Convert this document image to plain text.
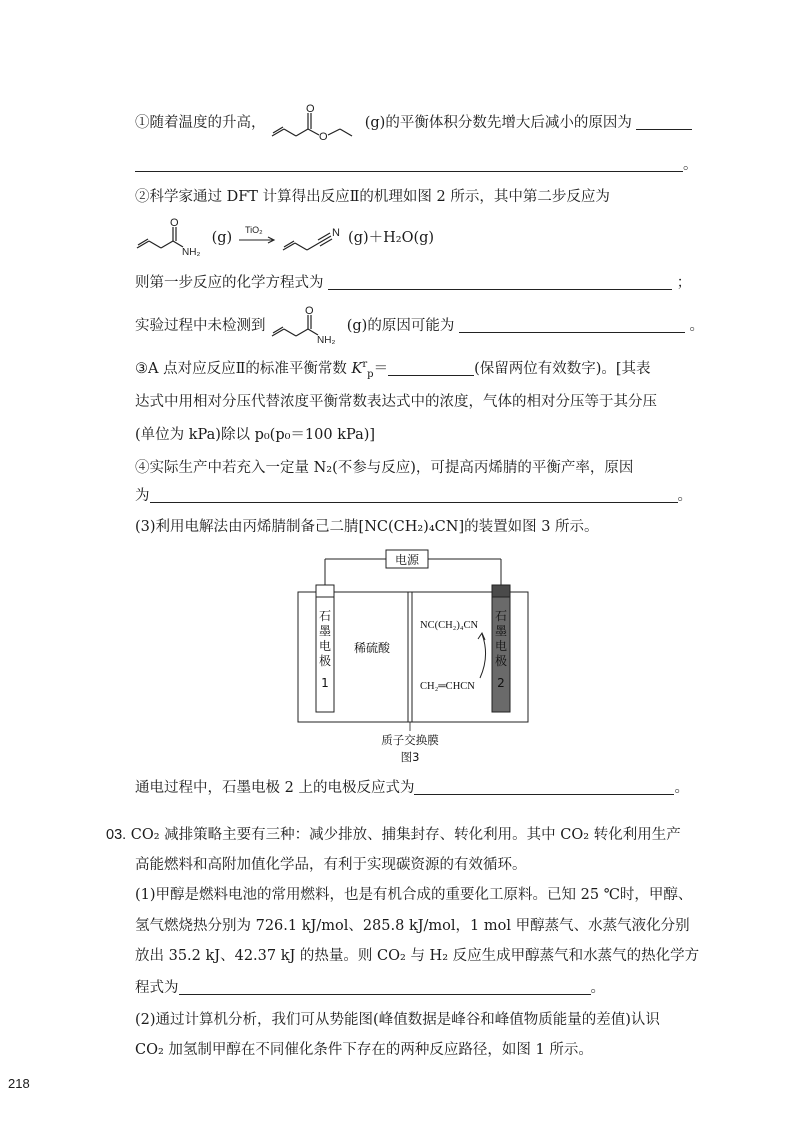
①随着温度的升高，
O
O
(g)的平衡体积分数先增大后减小的原因为
。
②科学家通过 DFT 计算得出反应Ⅱ的机理如图 2 所示，其中第二步反应为
O
NH₂
(g) TiO₂
	N (g)＋H₂O(g)
则第一步反应的化学方程式为	；
实验过程中未检测到
O
NH₂
(g)的原因可能为	。
③A 点对应反应Ⅱ的标准平衡常数 $K^r_p=$	(保留两位有效数字)。[其表
达式中用相对分压代替浓度平衡常数表达式中的浓度，气体的相对分压等于其分压
(单位为 kPa)除以 p₀(p₀＝100 kPa)]
④实际生产中若充入一定量 N₂(不参与反应)，可提高丙烯腈的平衡产率，原因
为	。
(3)利用电解法由丙烯腈制备己二腈[NC(CH₂)₄CN]的装置如图 3 所示。
电源
石
墨
电
极
1
石
墨
电
极
2
稀硫酸
NC(CH₂)₄CN
CH₂═CHCN
质子交换膜
图3
通电过程中，石墨电极 2 上的电极反应式为	。
03. CO₂ 减排策略主要有三种：减少排放、捕集封存、转化利用。其中 CO₂ 转化利用生产
高能燃料和高附加值化学品，有利于实现碳资源的有效循环。
(1)甲醇是燃料电池的常用燃料，也是有机合成的重要化工原料。已知 25 ℃时，甲醇、
氢气燃烧热分别为 726.1 kJ/mol、285.8 kJ/mol，1 mol 甲醇蒸气、水蒸气液化分别
放出 35.2 kJ、42.37 kJ 的热量。则 CO₂ 与 H₂ 反应生成甲醇蒸气和水蒸气的热化学方
程式为	。
(2)通过计算机分析，我们可从势能图(峰值数据是峰谷和峰值物质能量的差值)认识
CO₂ 加氢制甲醇在不同催化条件下存在的两种反应路径，如图 1 所示。
218
